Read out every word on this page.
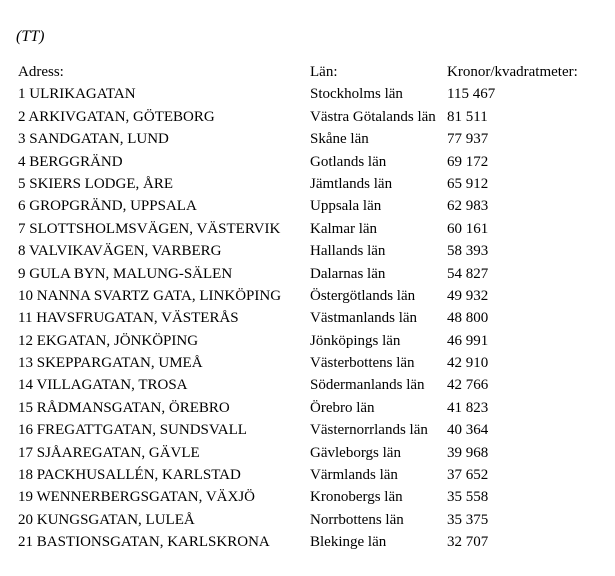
(TT)
Adress:	Län:	Kronor/kvadratmeter:
1 ULRIKAGATAN	Stockholms län	115 467
2 ARKIVGATAN, GÖTEBORG	Västra Götalands län 81 511
3 SANDGATAN, LUND	Skåne län	77 937
4 BERGGRÄND	Gotlands län	69 172
5 SKIERS LODGE, ÅRE	Jämtlands län	65 912
6 GROPGRÄND, UPPSALA	Uppsala län	62 983
7 SLOTTSHOLMSVÄGEN, VÄSTERVIK Kalmar län	60 161
8 VALVIKAVÄGEN, VARBERG	Hallands län	58 393
9 GULA BYN, MALUNG-SÄLEN	Dalarnas län	54 827
10 NANNA SVARTZ GATA, LINKÖPING Östergötlands län 49 932
11 HAVSFRUGATAN, VÄSTERÅS	Västmanlands län 48 800
12 EKGATAN, JÖNKÖPING	Jönköpings län	46 991
13 SKEPPARGATAN, UMEÅ	Västerbottens län 42 910
14 VILLAGATAN, TROSA	Södermanlands län 42 766
15 RÅDMANSGATAN, ÖREBRO	Örebro län	41 823
16 FREGATTGATAN, SUNDSVALL	Västernorrlands län 40 364
17 SJÅAREGATAN, GÄVLE	Gävleborgs län	39 968
18 PACKHUSALLÉN, KARLSTAD	Värmlands län	37 652
19 WENNERBERGSGATAN, VÄXJÖ	Kronobergs län	35 558
20 KUNGSGATAN, LULEÅ	Norrbottens län	35 375
21 BASTIONSGATAN, KARLSKRONA	Blekinge län	32 707
